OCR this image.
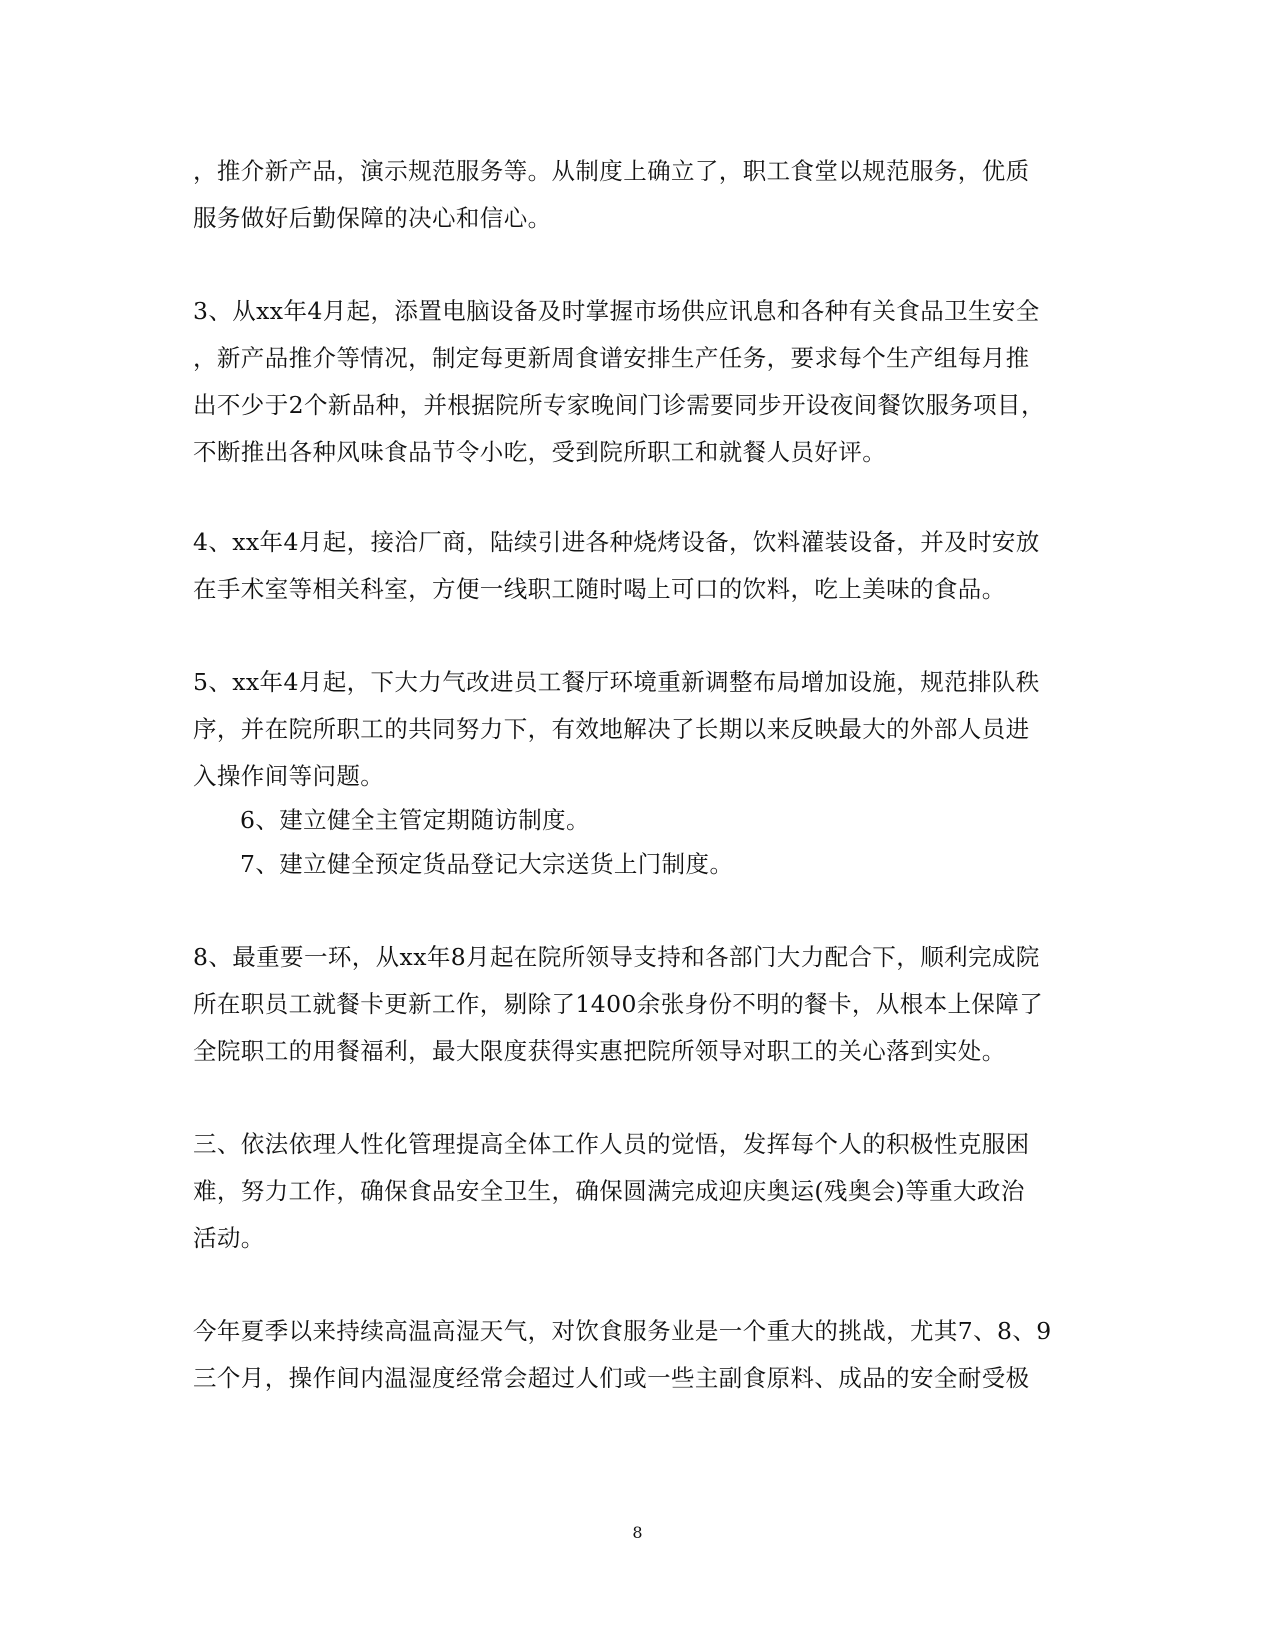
，推介新产品，演示规范服务等。从制度上确立了，职工食堂以规范服务，优质
服务做好后勤保障的决心和信心。
3、从xx年4月起，添置电脑设备及时掌握市场供应讯息和各种有关食品卫生安全
，新产品推介等情况，制定每更新周食谱安排生产任务，要求每个生产组每月推
出不少于2个新品种，并根据院所专家晚间门诊需要同步开设夜间餐饮服务项目，
不断推出各种风味食品节令小吃，受到院所职工和就餐人员好评。
4、xx年4月起，接洽厂商，陆续引进各种烧烤设备，饮料灌装设备，并及时安放
在手术室等相关科室，方便一线职工随时喝上可口的饮料，吃上美味的食品。
5、xx年4月起，下大力气改进员工餐厅环境重新调整布局增加设施，规范排队秩
序，并在院所职工的共同努力下，有效地解决了长期以来反映最大的外部人员进
入操作间等问题。
6、建立健全主管定期随访制度。
7、建立健全预定货品登记大宗送货上门制度。
8、最重要一环，从xx年8月起在院所领导支持和各部门大力配合下，顺利完成院
所在职员工就餐卡更新工作，剔除了1400余张身份不明的餐卡，从根本上保障了
全院职工的用餐福利，最大限度获得实惠把院所领导对职工的关心落到实处。
三、依法依理人性化管理提高全体工作人员的觉悟，发挥每个人的积极性克服困
难，努力工作，确保食品安全卫生，确保圆满完成迎庆奥运(残奥会)等重大政治
活动。
今年夏季以来持续高温高湿天气，对饮食服务业是一个重大的挑战，尤其7、8、9
三个月，操作间内温湿度经常会超过人们或一些主副食原料、成品的安全耐受极
8
